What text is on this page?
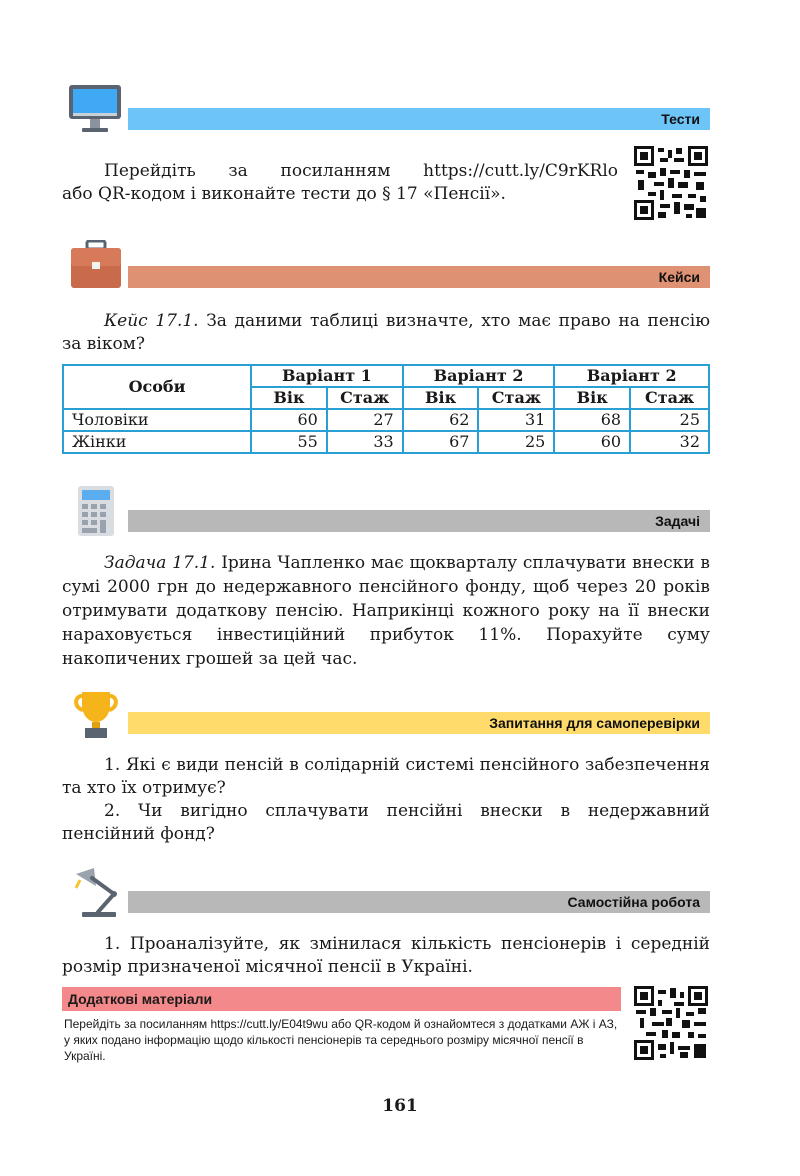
Тести

Перейдіть за посиланням https://cutt.ly/C9rKRlo

або QR-кодом і виконайте тести до § 17 «Пенсії».
Кейси

Кейс 17.1. За даними таблиці визначте, хто має право на пенсію за віком?

Особи	Варіант 1		Варіант 2		Варіант 2	
	Вік	Стаж	Вік	Стаж	Вік	Стаж
Чоловіки	60	27	62	31	68	25
Жінки	55	33	67	25	60	32
Задачі

Задача 17.1. Ірина Чапленко має щокварталу сплачувати внески в сумі 2000 грн до недержавного пенсійного фонду, щоб через 20 років отримувати додаткову пенсію. Наприкінці кожного року на її внески нараховується інвестиційний прибуток 11%. Порахуйте суму накопичених грошей за цей час.

Запитання для самоперевірки

1. Які є види пенсій в солідарній системі пенсійного забезпечення та хто їх отримує?

2. Чи вигідно сплачувати пенсійні внески в недержавний пенсійний фонд?

Самостійна робота

1. Проаналізуйте, як змінилася кількість пенсіонерів і середній розмір призначеної місячної пенсії в Україні.

Додаткові матеріали
Перейдіть за посиланням https://cutt.ly/E04t9wu або QR-кодом й ознайомтеся з додатками АЖ і АЗ, у яких подано інформацію щодо кількості пенсіонерів та середнього розміру місячної пенсії в Україні.
161
